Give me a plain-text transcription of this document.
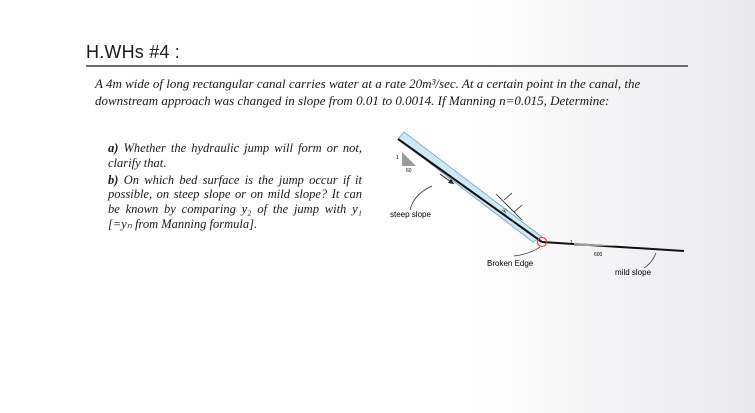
H.WHs #4 :

A 4m wide of long rectangular canal carries water at a rate 20m³/sec. At a certain point in the canal, the downstream approach was changed in slope from 0.01 to 0.0014. If Manning n=0.015, Determine:

a) Whether the hydraulic jump will form or not, clarify that.

b) On which bed surface is the jump occur if it possible, on steep slope or on mild slope? It can be known by comparing y₂ of the jump with y₁ [=yₙ from Manning formula].

1
60
y₁
steep slope
Broken Edge
1
600
mild slope
